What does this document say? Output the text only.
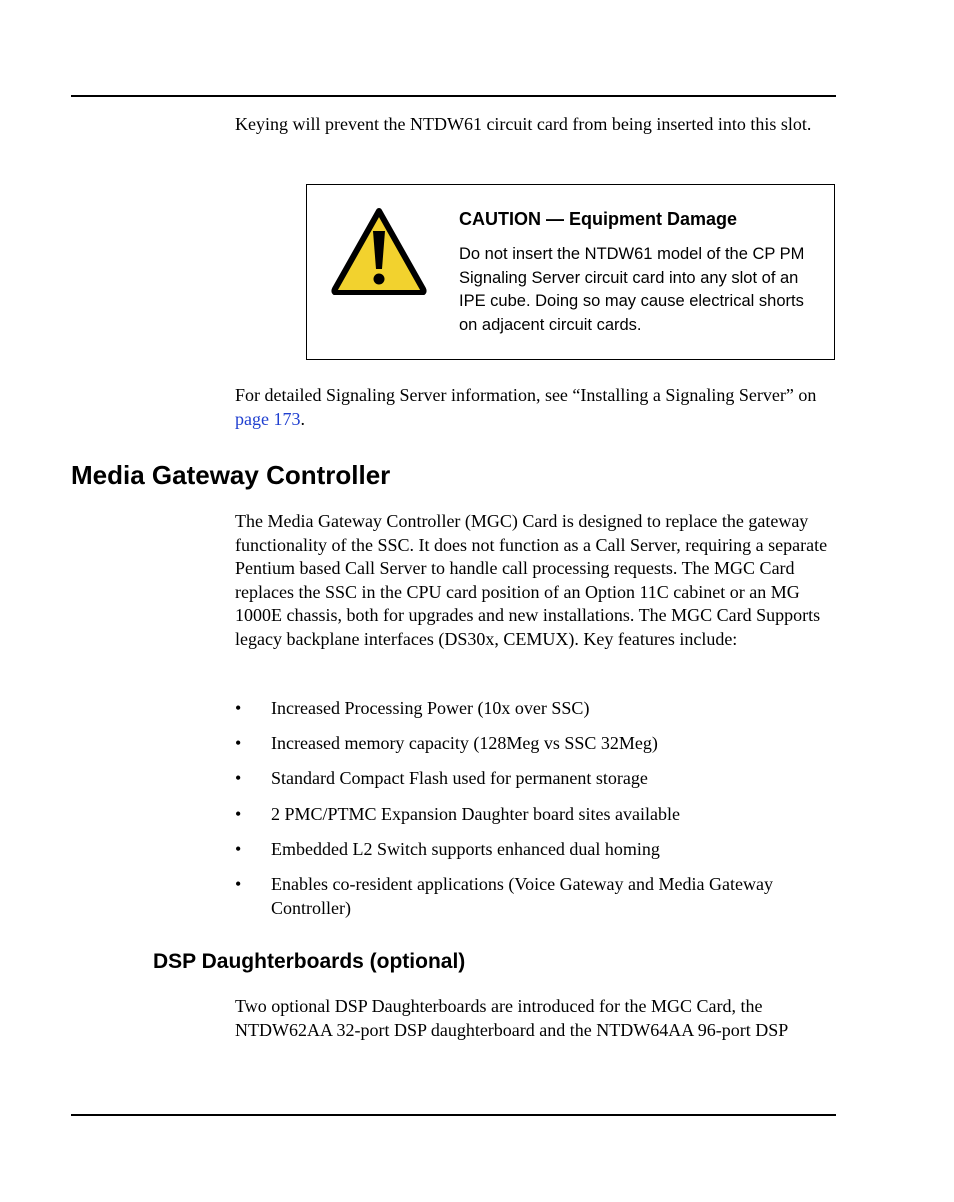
Keying will prevent the NTDW61 circuit card from being inserted into this slot.

CAUTION — Equipment Damage

Do not insert the NTDW61 model of the CP PM Signaling Server circuit card into any slot of an IPE cube. Doing so may cause electrical shorts on adjacent circuit cards.

For detailed Signaling Server information, see “Installing a Signaling Server” on page 173.

Media Gateway Controller

The Media Gateway Controller (MGC) Card is designed to replace the gateway functionality of the SSC. It does not function as a Call Server, requiring a separate Pentium based Call Server to handle call processing requests. The MGC Card replaces the SSC in the CPU card position of an Option 11C cabinet or an MG 1000E chassis, both for upgrades and new installations. The MGC Card Supports legacy backplane interfaces (DS30x, CEMUX). Key features include:

• Increased Processing Power (10x over SSC)
• Increased memory capacity (128Meg vs SSC 32Meg)
• Standard Compact Flash used for permanent storage
• 2 PMC/PTMC Expansion Daughter board sites available
• Embedded L2 Switch supports enhanced dual homing
• Enables co-resident applications (Voice Gateway and Media Gateway Controller)
DSP Daughterboards (optional)

Two optional DSP Daughterboards are introduced for the MGC Card, the NTDW62AA 32-port DSP daughterboard and the NTDW64AA 96-port DSP
